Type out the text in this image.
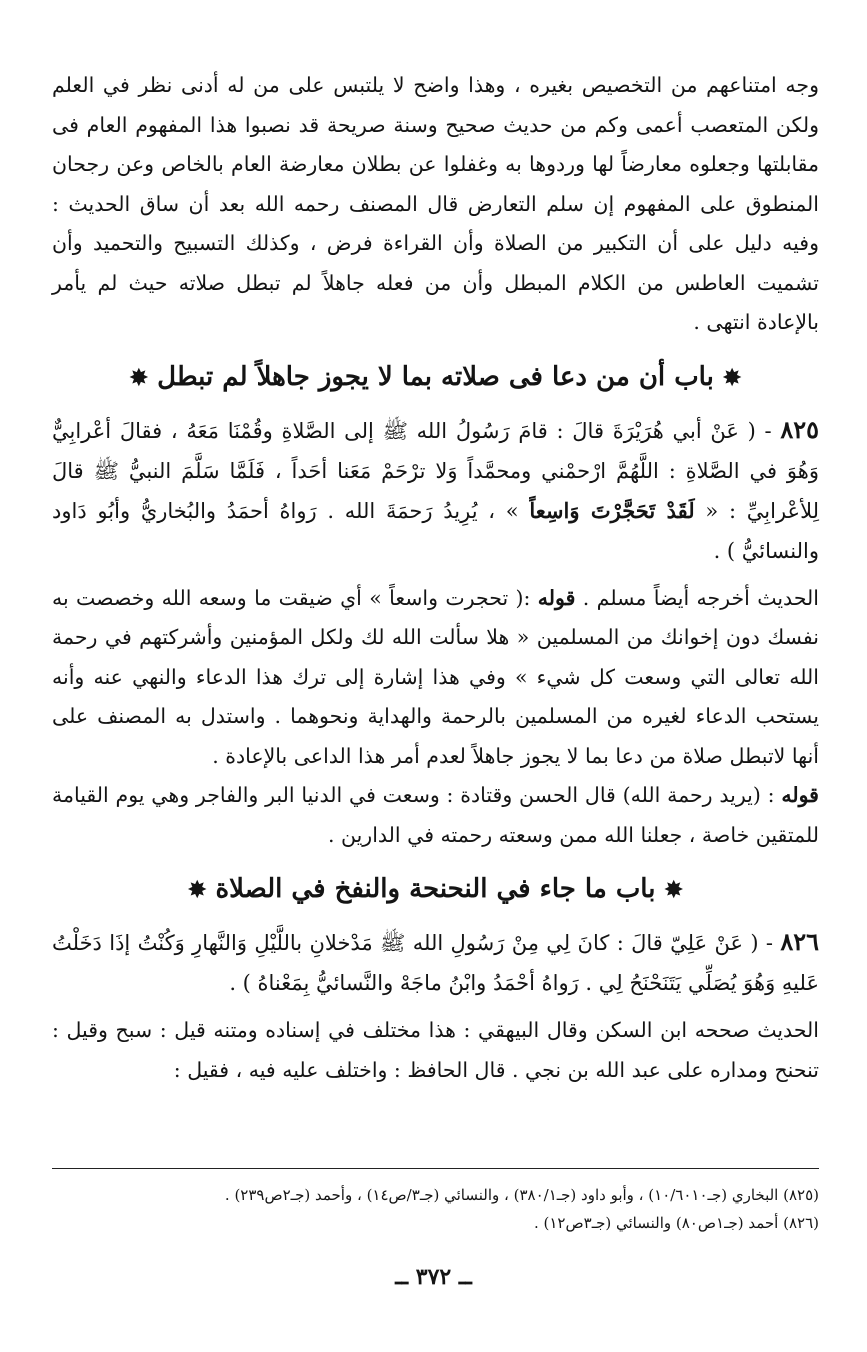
وجه امتناعهم من التخصيص بغيره ، وهذا واضح لا يلتبس على من له أدنى نظر في العلم ولكن المتعصب أعمى وكم من حديث صحيح وسنة صريحة قد نصبوا هذا المفهوم العام فى مقابلتها وجعلوه معارضاً لها وردوها به وغفلوا عن بطلان معارضة العام بالخاص وعن رجحان المنطوق على المفهوم إن سلم التعارض قال المصنف رحمه الله بعد أن ساق الحديث : وفيه دليل على أن التكبير من الصلاة وأن القراءة فرض ، وكذلك التسبيح والتحميد وأن تشميت العاطس من الكلام المبطل وأن من فعله جاهلاً لم تبطل صلاته حيث لم يأمر بالإعادة انتهى .

✸ باب أن من دعا فى صلاته بما لا يجوز جاهلاً لم تبطل ✸

٨٢٥ - ( عَنْ أبي هُرَيْرَةَ قالَ : قامَ رَسُولُ الله ﷺ إلى الصَّلاةِ وقُمْنَا مَعَهُ ، فقالَ أعْرابِيٌّ وَهُوَ في الصَّلاةِ : اللَّهُمَّ ارْحمْني ومحمَّداً وَلا ترْحَمْ مَعَنا أحَداً ، فَلَمَّا سَلَّمَ النبيُّ ﷺ قالَ لِلأعْرابِيِّ : « لَقَدْ تَحَجَّرْتَ وَاسِعاً » ، يُرِيدُ رَحمَةَ الله . رَواهُ أحمَدُ والبُخاريُّ وأبُو دَاود والنسائيُّ ) .

الحديث أخرجه أيضاً مسلم . قوله :( تحجرت واسعاً » أي ضيقت ما وسعه الله وخصصت به نفسك دون إخوانك من المسلمين « هلا سألت الله لك ولكل المؤمنين وأشركتهم في رحمة الله تعالى التي وسعت كل شيء » وفي هذا إشارة إلى ترك هذا الدعاء والنهي عنه وأنه يستحب الدعاء لغيره من المسلمين بالرحمة والهداية ونحوهما . واستدل به المصنف على أنها لاتبطل صلاة من دعا بما لا يجوز جاهلاً لعدم أمر هذا الداعى بالإعادة .

قوله : (يريد رحمة الله) قال الحسن وقتادة : وسعت في الدنيا البر والفاجر وهي يوم القيامة للمتقين خاصة ، جعلنا الله ممن وسعته رحمته في الدارين .

✸ باب ما جاء في النحنحة والنفخ في الصلاة ✸

٨٢٦ - ( عَنْ عَلِيّ قالَ : كانَ لِي مِنْ رَسُولِ الله ﷺ مَدْخلانِ باللَّيْلِ وَالنَّهارِ وَكُنْتُ إذَا دَخَلْتُ عَليهِ وَهُوَ يُصَلِّي يَتَنَحْنَحُ لِي . رَواهُ أحْمَدُ وابْنُ ماجَهْ والنَّسائيُّ بِمَعْناهُ ) .

الحديث صححه ابن السكن وقال البيهقي : هذا مختلف في إسناده ومتنه قيل : سبح وقيل : تنحنح ومداره على عبد الله بن نجي . قال الحافظ : واختلف عليه فيه ، فقيل :

(٨٢٥) البخاري (جـ١٠/٦٠١٠) ، وأبو داود (جـ٣٨٠/١) ، والنسائي (جـ٣/ص١٤) ، وأحمد (جـ٢ص٢٣٩) .

(٨٢٦) أحمد (جـ١ص٨٠) والنسائي (جـ٣ص١٢) .

ــ ٣٧٢ ــ
